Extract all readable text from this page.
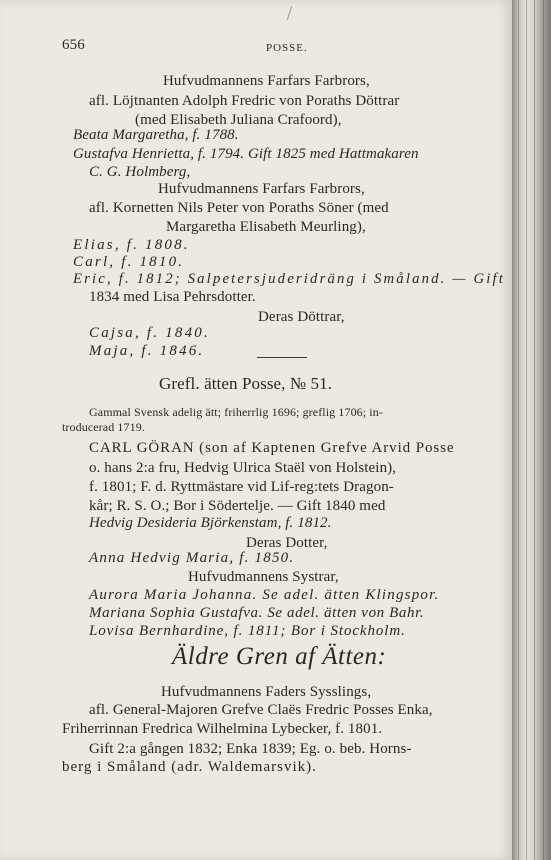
656	POSSE.
Hufvudmannens Farfars Farbrors,
afl. Löjtnanten Adolph Fredric von Poraths Döttrar
(med Elisabeth Juliana Crafoord),
Beata Margaretha, f. 1788.
Gustafva Henrietta, f. 1794. Gift 1825 med Hattmakaren
C. G. Holmberg,
Hufvudmannens Farfars Farbrors,
afl. Kornetten Nils Peter von Poraths Söner (med
Margaretha Elisabeth Meurling),
Elias, f. 1808.
Carl, f. 1810.
Eric, f. 1812; Salpetersjuderidräng i Småland. — Gift
1834 med Lisa Pehrsdotter.
Deras Döttrar,
Cajsa, f. 1840.
Maja, f. 1846.
Grefl. ätten Posse, № 51.
Gammal Svensk adelig ätt; friherrlig 1696; greflig 1706; in-
troducerad 1719.
CARL GÖRAN (son af Kaptenen Grefve Arvid Posse
o. hans 2:a fru, Hedvig Ulrica Staël von Holstein),
f. 1801; F. d. Ryttmästare vid Lif-reg:tets Dragon-
kår; R. S. O.; Bor i Södertelje. — Gift 1840 med
Hedvig Desideria Björkenstam, f. 1812.
Deras Dotter,
Anna Hedvig Maria, f. 1850.
Hufvudmannens Systrar,
Aurora Maria Johanna. Se adel. ätten Klingspor.
Mariana Sophia Gustafva. Se adel. ätten von Bahr.
Lovisa Bernhardine, f. 1811; Bor i Stockholm.
Äldre Gren af Ätten:
Hufvudmannens Faders Sysslings,
afl. General-Majoren Grefve Claës Fredric Posses Enka,
Friherrinnan Fredrica Wilhelmina Lybecker, f. 1801.
Gift 2:a gången 1832; Enka 1839; Eg. o. beb. Horns-
berg i Småland (adr. Waldemarsvik).
